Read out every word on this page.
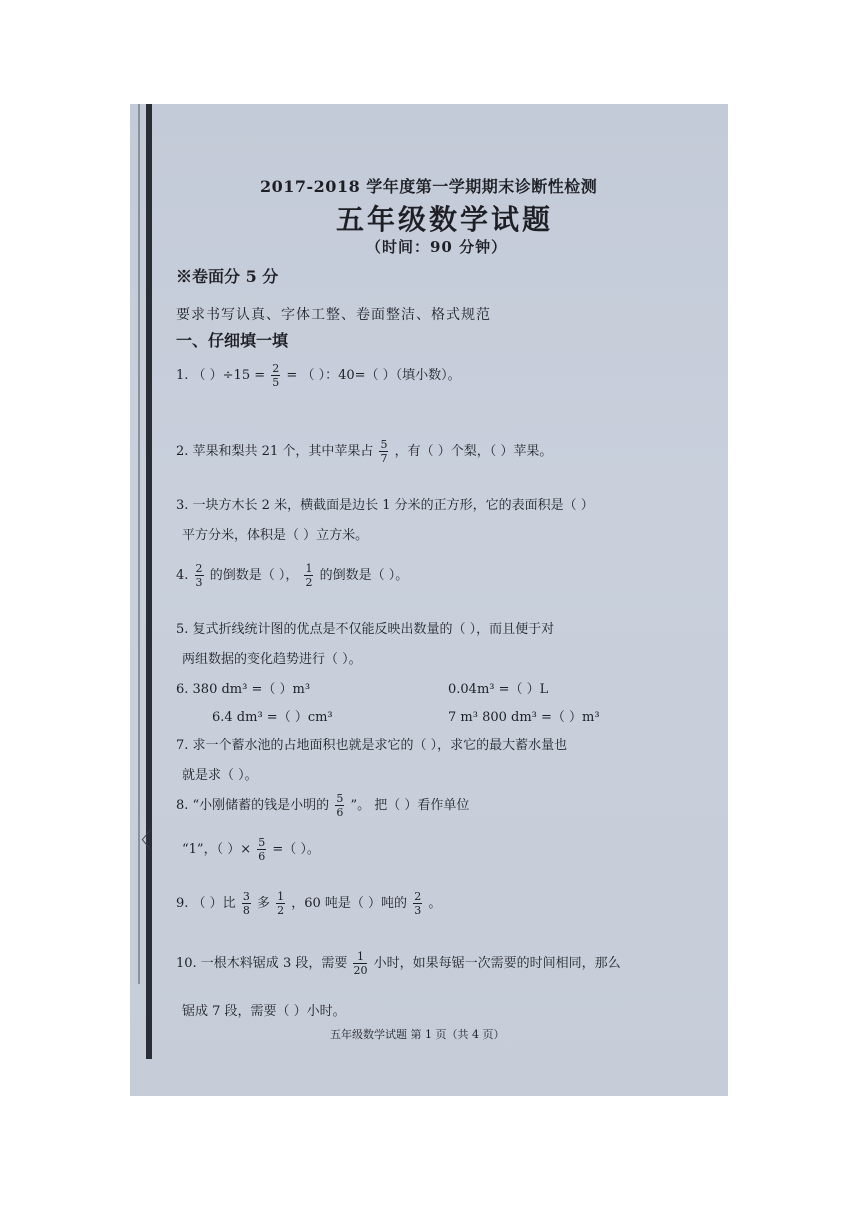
〈
2017-2018 学年度第一学期期末诊断性检测
五年级数学试题
（时间：90 分钟）
※卷面分 5 分
要求书写认真、字体工整、卷面整洁、格式规范
一、仔细填一填
1. （ ）$\div 15 = \frac{2}{5}$ = （ ）：40=（ ）（填小数）。
2. 苹果和梨共 21 个，其中苹果占 $\frac{5}{7}$ ，有（ ）个梨，（ ）苹果。
3. 一块方木长 2 米，横截面是边长 1 分米的正方形，它的表面积是（ ）
平方分米，体积是（ ）立方米。
4. $\frac{2}{3}$ 的倒数是（ ）， $\frac{1}{2}$ 的倒数是（ ）。
5. 复式折线统计图的优点是不仅能反映出数量的（ ），而且便于对
两组数据的变化趋势进行（ ）。
6. 380 dm³ =（ ）m³	0.04m³ =（ ）L
6.4 dm³ =（ ）cm³	7 m³ 800 dm³ =（ ）m³
7. 求一个蓄水池的占地面积也就是求它的（ ），求它的最大蓄水量也
就是求（ ）。
8. “小刚储蓄的钱是小明的 $\frac{5}{6}$ ”。 把（ ）看作单位
“1”，（ ）× $\frac{5}{6}$ =（ ）。
9. （ ）比 $\frac{3}{8}$ 多 $\frac{1}{2}$ ，60 吨是（ ）吨的 $\frac{2}{3}$ 。
10. 一根木料锯成 3 段，需要 $\frac{1}{20}$ 小时，如果每锯一次需要的时间相同，那么
锯成 7 段，需要（ ）小时。
五年级数学试题 第 1 页（共 4 页）
